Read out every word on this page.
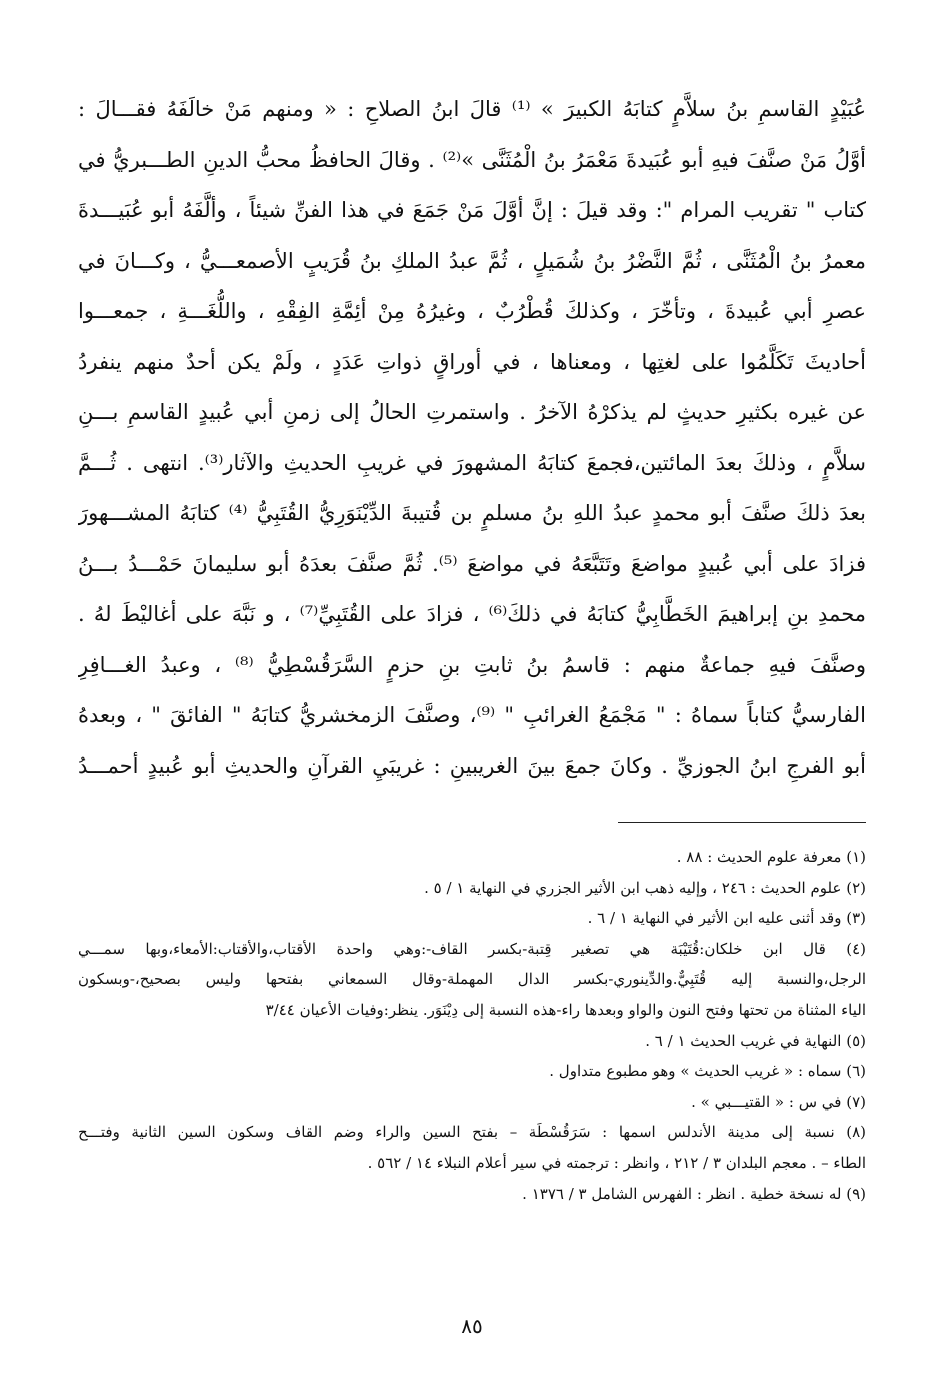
عُبَيْدٍ القاسمِ بنُ سلاَّمٍ كتابَهُ الكبيرَ » ⁽¹⁾ قالَ ابنُ الصلاحِ : « ومنهم مَنْ خالَفَهُ فقـــالَ :
أوَّلُ مَنْ صنَّفَ فيهِ أبو عُبَيدةَ مَعْمَرُ بنُ الْمُثَنَّى »⁽²⁾ . وقالَ الحافظُ محبُّ الدينِ الطـــبريُّ في
كتاب " تقريب المرام ": وقد قيلَ : إنَّ أوَّلَ مَنْ جَمَعَ في هذا الفنِّ شيئاً ، وألَّفَهُ أبو عُبَيـــدةَ
معمرُ بنُ الْمُثَنَّى ، ثُمَّ النَّضْرُ بنُ شُمَيلٍ ، ثُمَّ عبدُ الملكِ بنُ قُرَيبٍ الأصمعـــيُّ ، وكـــانَ في
عصرِ أبي عُبيدةَ ، وتأخّرَ ، وكذلكَ قُطْرُبٌ ، وغيرُهُ مِنْ أئِمَّةِ الفِقْهِ ، واللُّغَـــةِ ، جمعـــوا
أحاديثَ تَكَلَّمُوا على لغتِها ، ومعناها ، في أوراقٍ ذواتِ عَدَدٍ ، ولَمْ يكن أحدٌ منهم ينفردُ
عن غيره بكثيرِ حديثٍ لم يذكرْهُ الآخرُ . واستمرتِ الحالُ إلى زمنِ أبي عُبيدٍ القاسمِ بـــنِ
سلاَّمٍ ، وذلكَ بعدَ المائتين،فجمعَ كتابَهُ المشهورَ في غريبِ الحديثِ والآثار⁽³⁾. انتهى . ثُـــمَّ
بعدَ ذلكَ صنَّفَ أبو محمدٍ عبدُ اللهِ بنُ مسلمٍ بن قُتيبةَ الدِّيْنَوَرِيُّ القُتَبِيُّ ⁽⁴⁾ كتابَهُ المشـــهورَ
فزادَ على أبي عُبيدٍ مواضعَ وتَتَبَّعَهُ في مواضعَ ⁽⁵⁾. ثُمَّ صنَّفَ بعدَهُ أبو سليمانَ حَمْـــدُ بـــنُ
محمدِ بنِ إبراهيمَ الخَطَّابِيُّ كتابَهُ في ذلكَ⁽⁶⁾ ، فزادَ على القُتَبِيِّ⁽⁷⁾ ، و نَبَّهَ على أغاليْطَ لهُ .
وصنَّفَ فيهِ جماعةٌ منهم : قاسمُ بنُ ثابتِ بنِ حزمٍ السَّرَقُسْطِيُّ ⁽⁸⁾ ، وعبدُ الغـــافِرِ
الفارسيُّ كتاباً سماهُ : " مَجْمَعُ الغرائبِ " ⁽⁹⁾، وصنَّفَ الزمخشريُّ كتابَهُ " الفائقَ " ، وبعدهُ
أبو الفرجِ ابنُ الجوزيِّ . وكانَ جمعَ بينَ الغريبينِ : غريبَيِ القرآنِ والحديثِ أبو عُبيدٍ أحمـــدُ
(١) معرفة علوم الحديث : ٨٨ .
(٢) علوم الحديث : ٢٤٦ ، وإليه ذهب ابن الأثير الجزري في النهاية ١ / ٥ .
(٣) وقد أثنى عليه ابن الأثير في النهاية ١ / ٦ .
(٤) قال ابن خلكان:قُتَيْبَة هي تصغير قِتبة-بكسر القاف-:وهي واحدة الأقتاب،والأقتاب:الأمعاء،وبها سمـــي
الرجل،والنسبة إليه قُتَبِيٌّ.والدِّينوري-بكسر الدال المهملة-وقال السمعاني بفتحها وليس بصحيح،-وبسكون
الياء المثناة من تحتها وفتح النون والواو وبعدها راء-هذه النسبة إلى دِيْنَوَر. ينظر:وفيات الأعيان ٣/٤٤
(٥) النهاية في غريب الحديث ١ / ٦ .
(٦) سماه : « غريب الحديث » وهو مطبوع متداول .
(٧) في س : « القتيـــبي » .
(٨) نسبة إلى مدينة الأندلس اسمها : سَرَقُسْطَة – بفتح السين والراء وضم القاف وسكون السين الثانية وفتـــح
الطاء – . معجم البلدان ٣ / ٢١٢ ، وانظر : ترجمته في سير أعلام النبلاء ١٤ / ٥٦٢ .
(٩) له نسخة خطية . انظر : الفهرس الشامل ٣ / ١٣٧٦ .
٨٥
